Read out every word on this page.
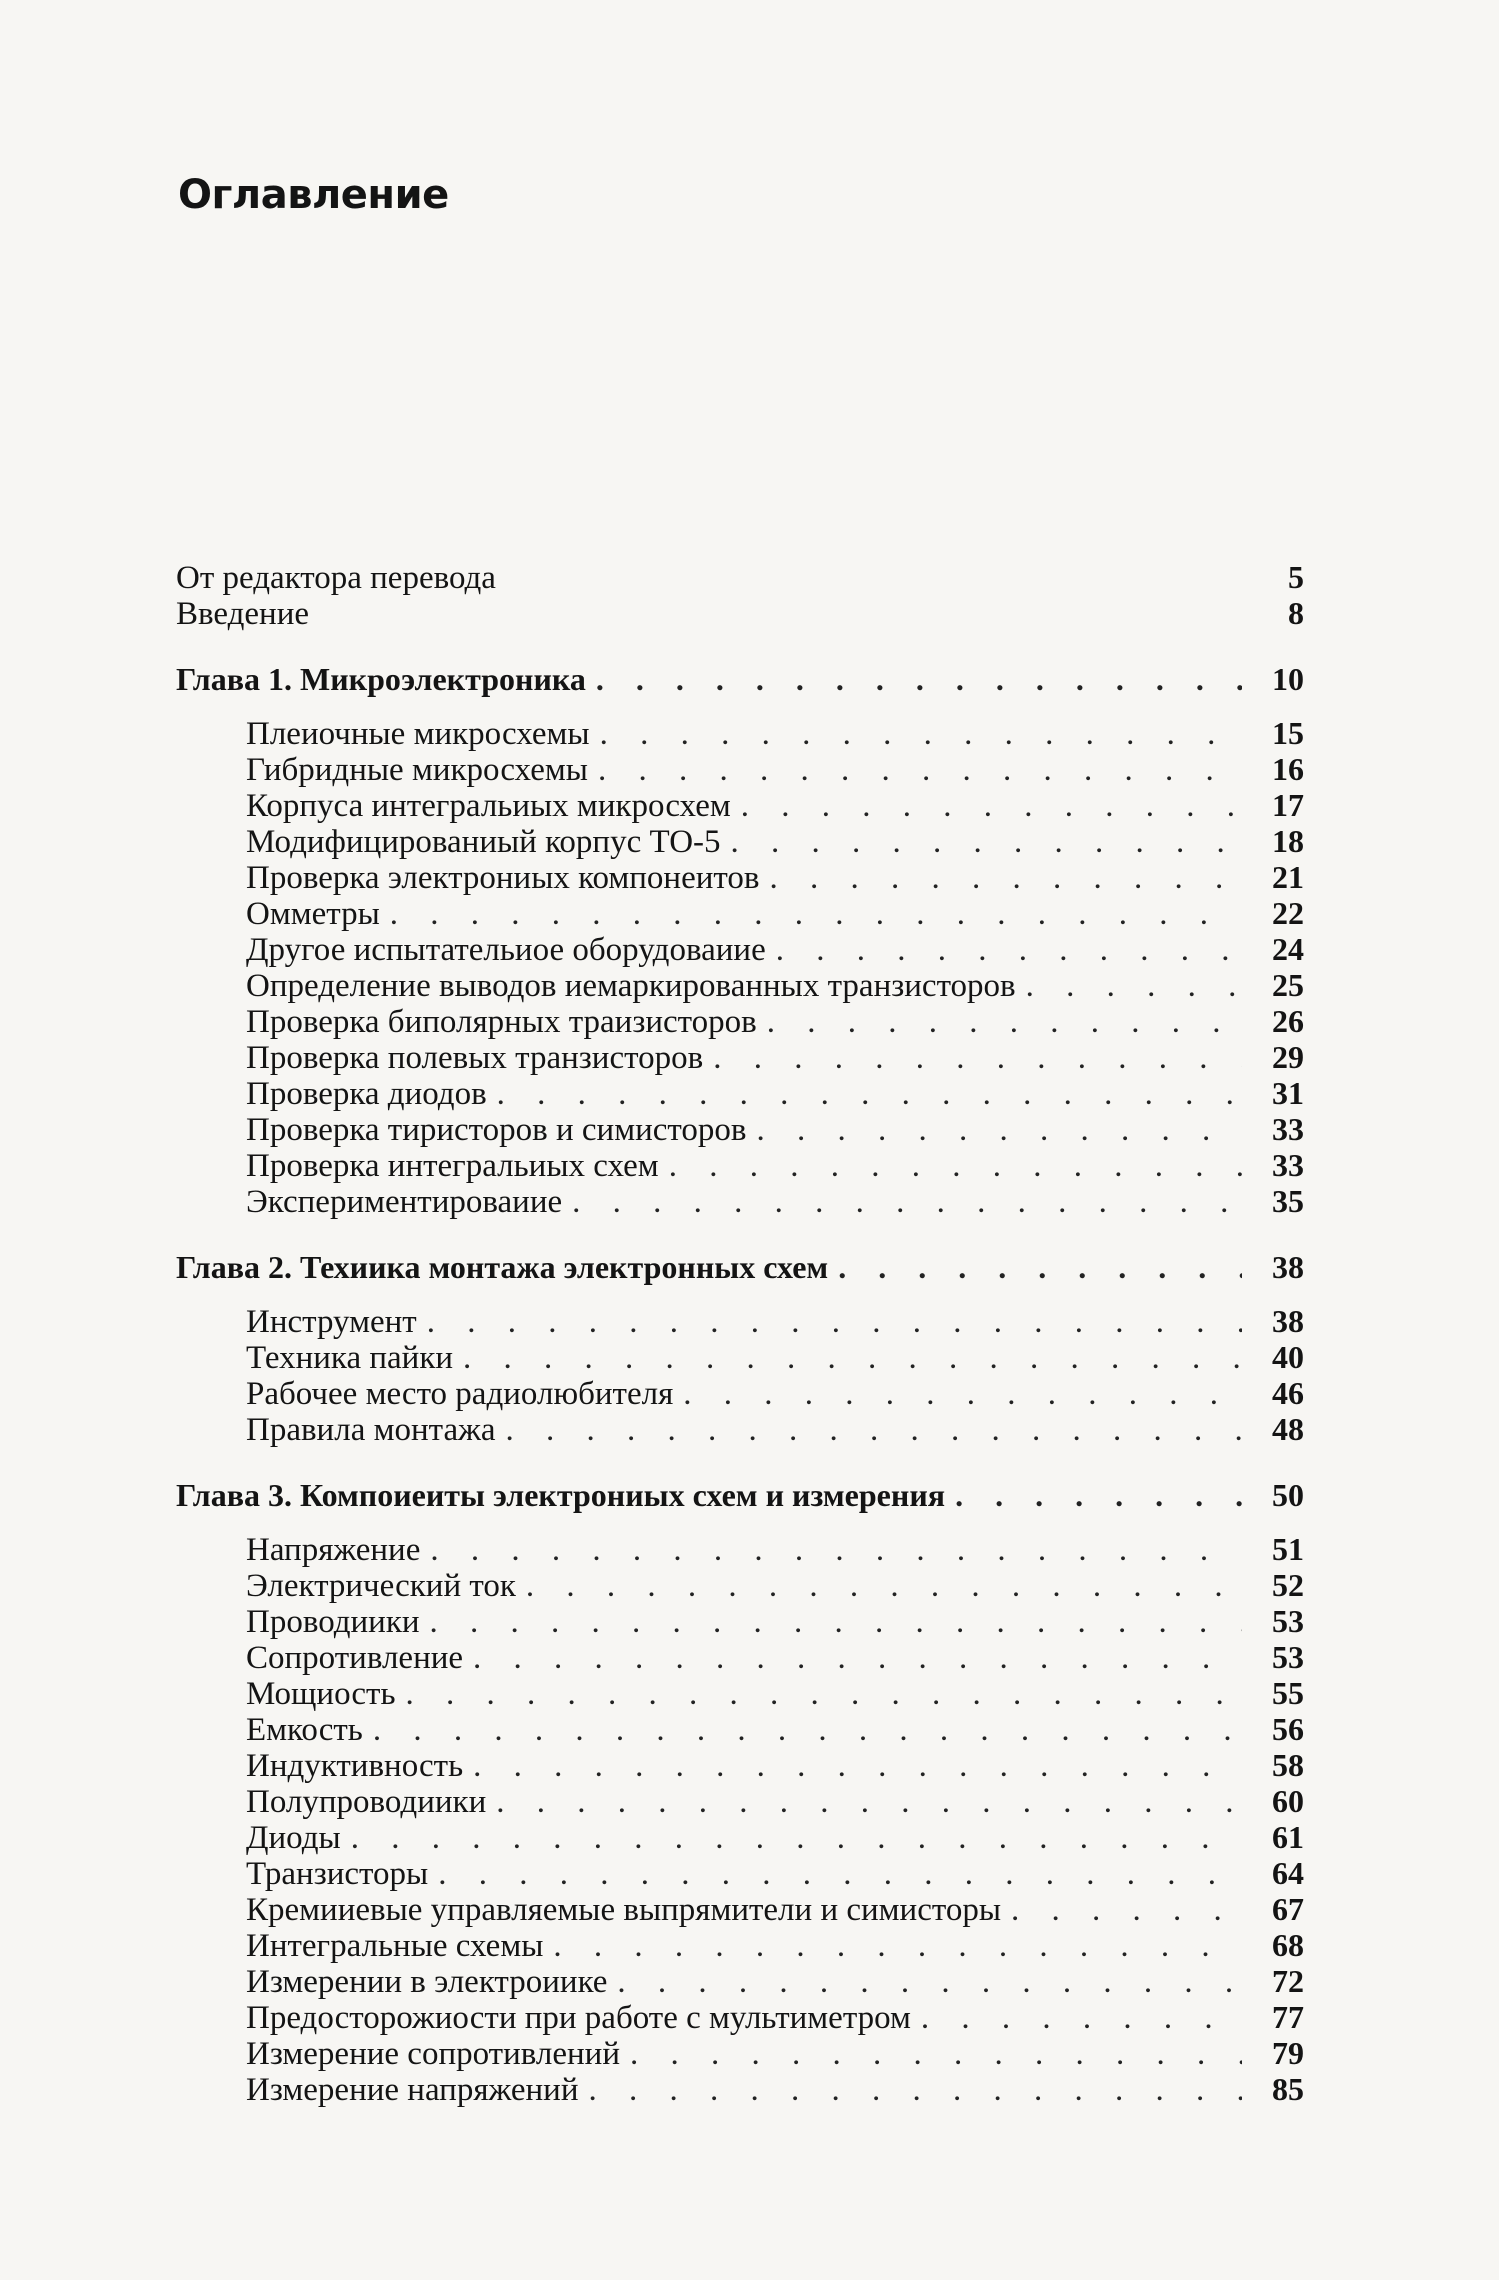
Оглавление
От редактора перевода	5
Введение	8
Глава 1. Микроэлектроника . . .	10
Плеиочные микросхемы . . .	15
Гибридные микросхемы . . .	16
Корпуса интегральиых микросхем . . .	17
Модифицированиый корпус ТО-5 . . .	18
Проверка электрониых компонеитов . . .	21
Омметры . . .	22
Другое испытательиое оборудоваиие . . .	24
Определение выводов иемаркированных транзисторов . . .	25
Проверка биполярных траизисторов . . .	26
Проверка полевых транзисторов . . .	29
Проверка диодов . . .	31
Проверка тиристоров и симисторов . . .	33
Проверка интегральиых схем . . .	33
Экспериментироваиие . . .	35
Глава 2. Техиика монтажа электронных схем . . .	38
Инструмент . . .	38
Техника пайки . . .	40
Рабочее место радиолюбителя . . .	46
Правила монтажа . . .	48
Глава 3. Компоиеиты электрониых схем и измерения . . .	50
Напряжение . . .	51
Электрический ток . . .	52
Проводиики . . .	53
Сопротивление . . .	53
Мощиость . . .	55
Емкость . . .	56
Индуктивность . . .	58
Полупроводиики . . .	60
Диоды . . .	61
Транзисторы . . .	64
Кремииевые управляемые выпрямители и симисторы . . .	67
Интегральные схемы . . .	68
Измерении в электроиике . . .	72
Предосторожиости при работе с мультиметром . . .	77
Измерение сопротивлений . . .	79
Измерение напряжений . . .	85
